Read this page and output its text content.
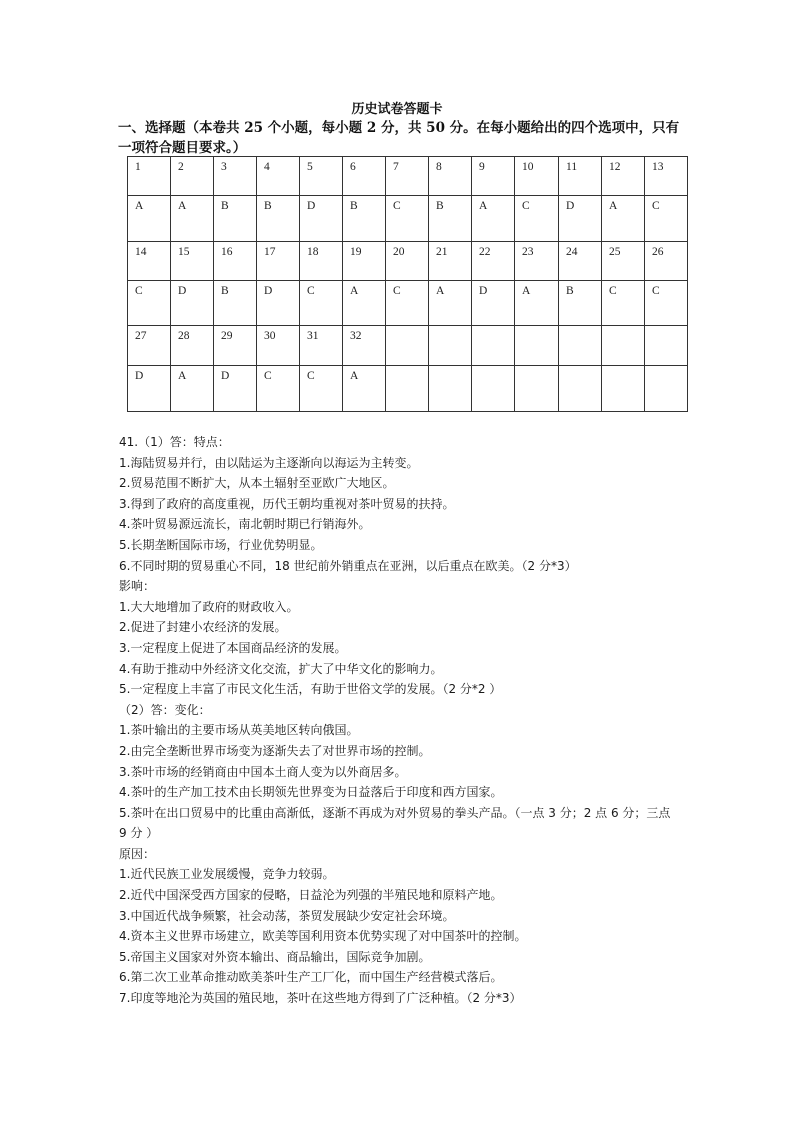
历史试卷答题卡
一、选择题（本卷共 25 个小题，每小题 2 分，共 50 分。在每小题给出的四个选项中，只有一项符合题目要求。）
1	2	3	4	5	6	7	8	9	10	11	12	13
A	A	B	B	D	B	C	B	A	C	D	A	C
14	15	16	17	18	19	20	21	22	23	24	25	26
C	D	B	D	C	A	C	A	D	A	B	C	C
27	28	29	30	31	32							
D	A	D	C	C	A							
41.（1）答：特点：
1.海陆贸易并行，由以陆运为主逐渐向以海运为主转变。
2.贸易范围不断扩大，从本土辐射至亚欧广大地区。
3.得到了政府的高度重视，历代王朝均重视对茶叶贸易的扶持。
4.茶叶贸易源远流长，南北朝时期已行销海外。
5.长期垄断国际市场，行业优势明显。
6.不同时期的贸易重心不同，18 世纪前外销重点在亚洲，以后重点在欧美。（2 分*3）
影响：
1.大大地增加了政府的财政收入。
2.促进了封建小农经济的发展。
3.一定程度上促进了本国商品经济的发展。
4.有助于推动中外经济文化交流，扩大了中华文化的影响力。
5.一定程度上丰富了市民文化生活，有助于世俗文学的发展。（2 分*2 ）
（2）答：变化：
1.茶叶输出的主要市场从英美地区转向俄国。
2.由完全垄断世界市场变为逐渐失去了对世界市场的控制。
3.茶叶市场的经销商由中国本土商人变为以外商居多。
4.茶叶的生产加工技术由长期领先世界变为日益落后于印度和西方国家。
5.茶叶在出口贸易中的比重由高渐低，逐渐不再成为对外贸易的拳头产品。（一点 3 分；2 点 6 分；三点 9 分 ）
原因：
1.近代民族工业发展缓慢，竞争力较弱。
2.近代中国深受西方国家的侵略，日益沦为列强的半殖民地和原料产地。
3.中国近代战争频繁，社会动荡，茶贸发展缺少安定社会环境。
4.资本主义世界市场建立，欧美等国利用资本优势实现了对中国茶叶的控制。
5.帝国主义国家对外资本输出、商品输出，国际竞争加剧。
6.第二次工业革命推动欧美茶叶生产工厂化，而中国生产经营模式落后。
7.印度等地沦为英国的殖民地，茶叶在这些地方得到了广泛种植。（2 分*3）
